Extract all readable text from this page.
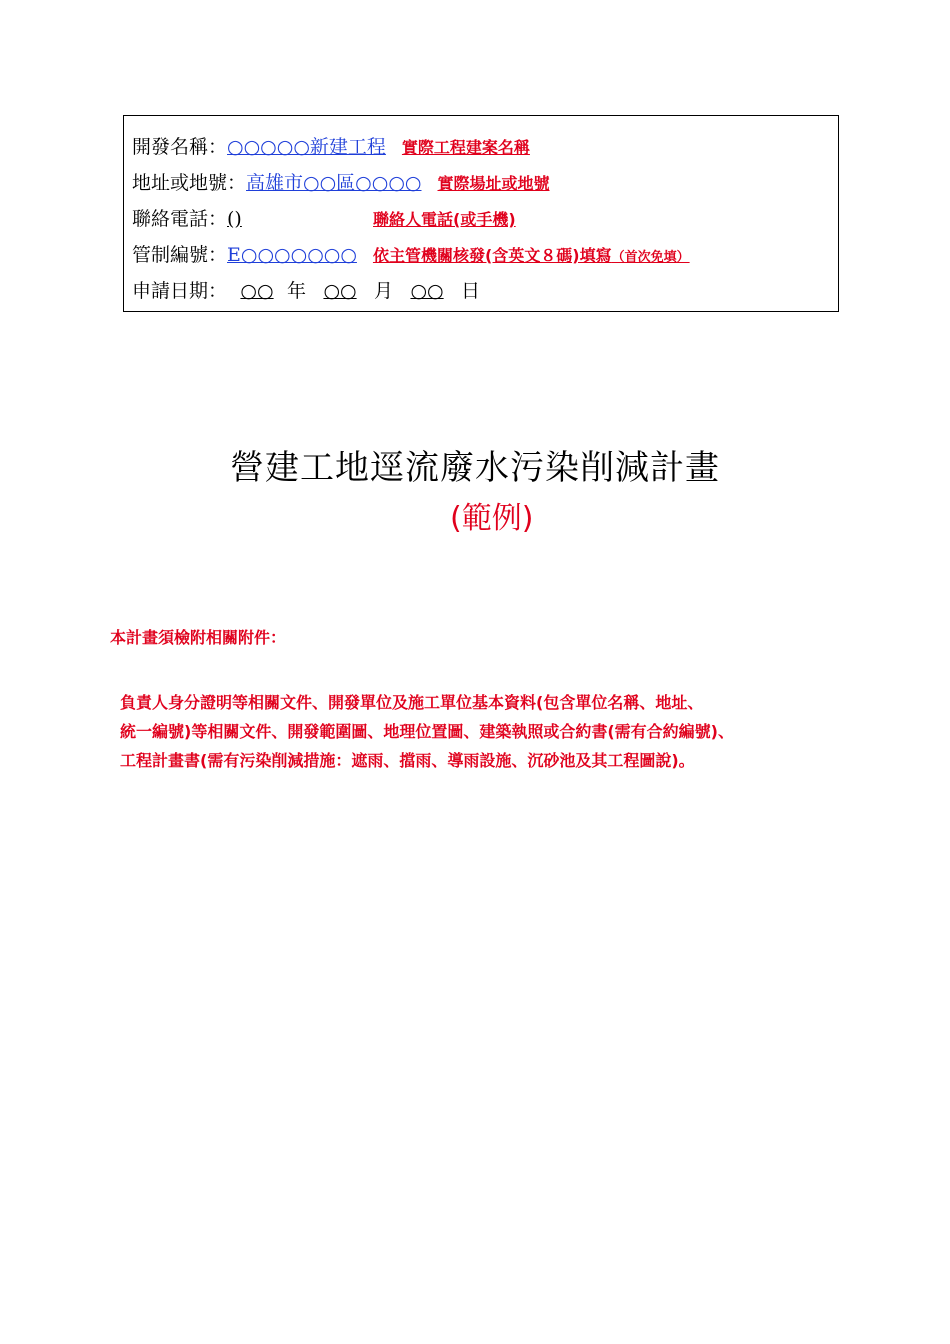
開發名稱：○○○○○新建工程 實際工程建案名稱
地址或地號：高雄市○○區○○○○ 實際場址或地號
聯絡電話：()	聯絡人電話(或手機)
管制編號：E○○○○○○○ 依主管機關核發(含英文８碼)填寫（首次免填）
申請日期： ○○ 年 ○○ 月 ○○ 日
營建工地逕流廢水污染削減計畫
(範例)
本計畫須檢附相關附件：
負責人身分證明等相關文件、開發單位及施工單位基本資料(包含單位名稱、地址、
統一編號)等相關文件、開發範圍圖、地理位置圖、建築執照或合約書(需有合約編號)、
工程計畫書(需有污染削減措施：遮雨、擋雨、導雨設施、沉砂池及其工程圖說)。
